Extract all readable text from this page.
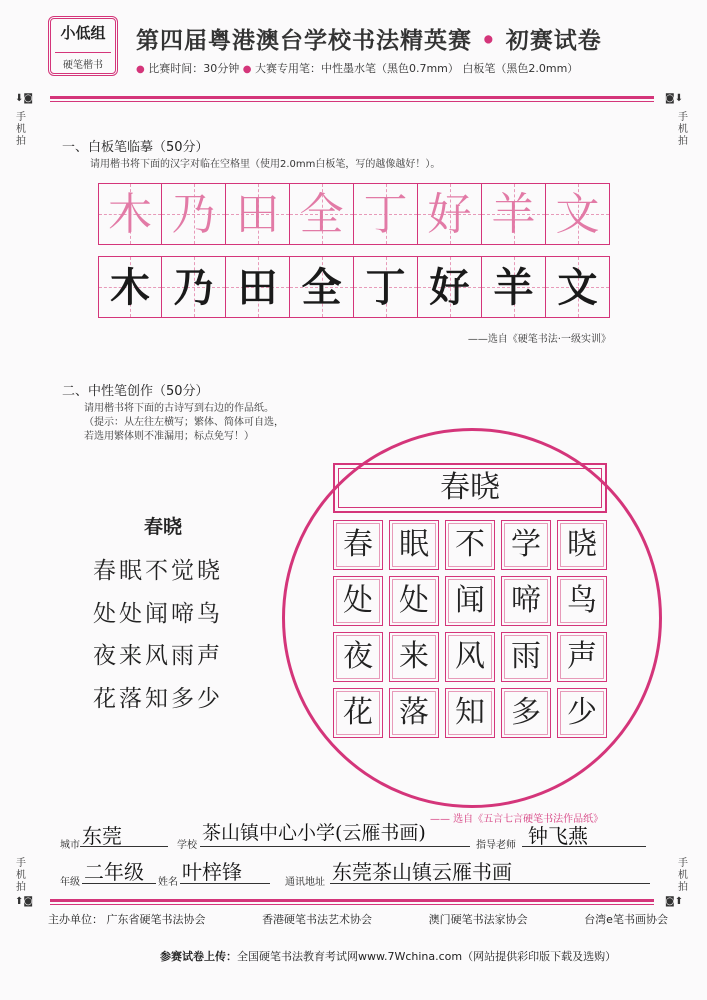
小低组
硬笔楷书
第四届粤港澳台学校书法精英赛 • 初赛试卷
● 比赛时间：30分钟 ● 大赛专用笔：中性墨水笔（黑色0.7mm） 白板笔（黑色2.0mm）
⬇◙	◙⬇
手机拍
手机拍
一、白板笔临摹（50分）
请用楷书将下面的汉字对临在空格里（使用2.0mm白板笔，写的越像越好！）。
木 乃 田 全 丁 好 羊 文
木 乃 田 全 丁 好 羊 文
——选自《硬笔书法·一级实训》
二、中性笔创作（50分）
请用楷书将下面的古诗写到右边的作品纸。
（提示：从左往左横写；繁体、简体可自选，
若选用繁体则不准漏用；标点免写！）
春晓
春眠不觉晓
处处闻啼鸟
夜来风雨声
花落知多少
春晓
春 眠 不 学 晓
处 处 闻 啼 鸟
夜 来 风 雨 声
花 落 知 多 少
—— 选自《五言七言硬笔书法作品纸》
城市 东莞	学校
茶山镇中心小学(云雁书画)
指导老师 钟飞燕
年级 二年级 姓名 叶梓锋	通讯地址 东莞茶山镇云雁书画
手机拍
手机拍
⬆◙	◙⬆
主办单位： 广东省硬笔书法协会	香港硬笔书法艺术协会	澳门硬笔书法家协会	台湾e笔书画协会
参赛试卷上传：全国硬笔书法教育考试网www.7Wchina.com（网站提供彩印版下载及选购）
